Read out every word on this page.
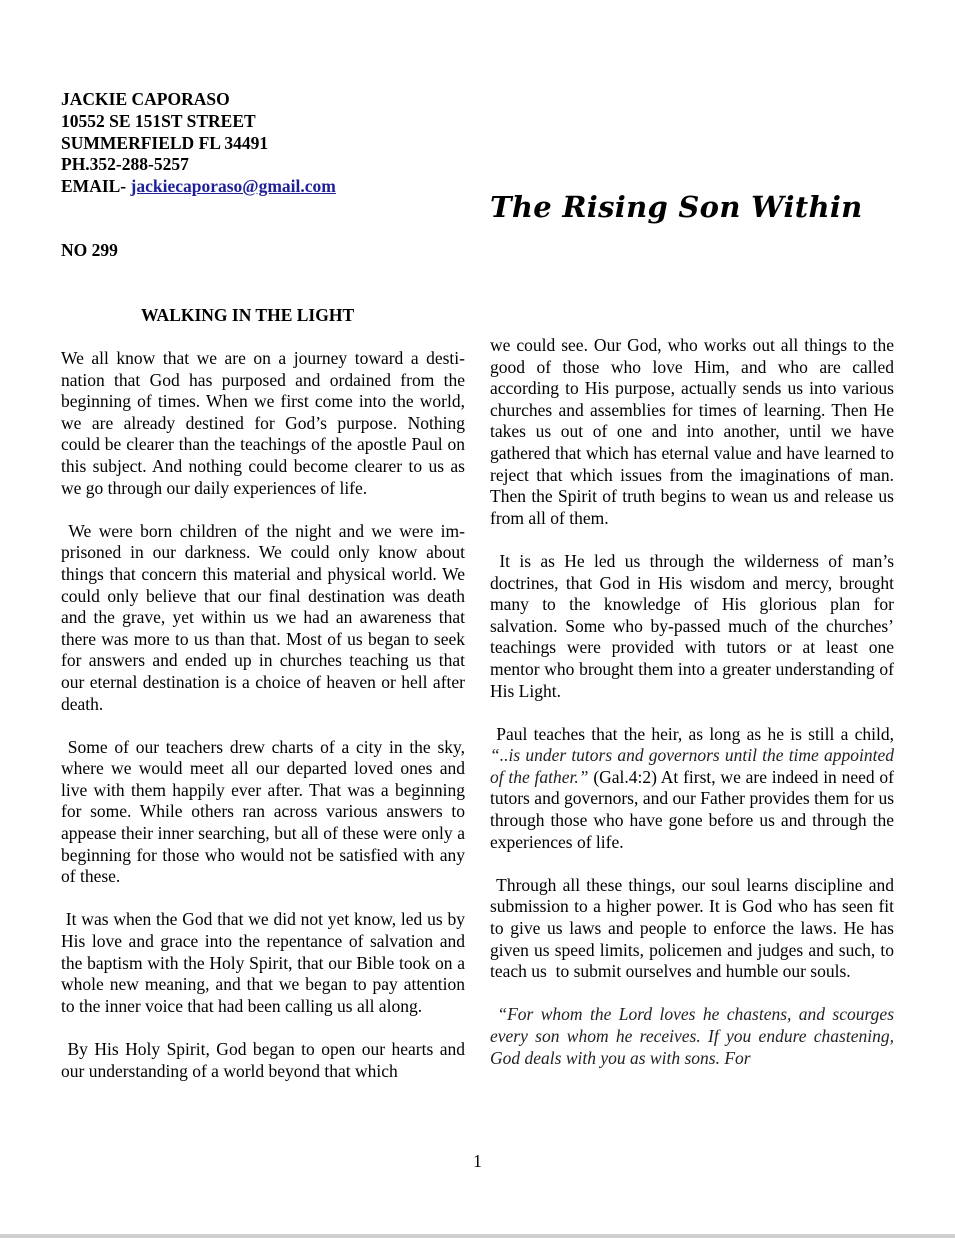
JACKIE CAPORASO
10552 SE 151ST STREET
SUMMERFIELD FL 34491
PH.352-288-5257
EMAIL- jackiecaporaso@gmail.com
NO 299
The Rising Son Within
WALKING IN THE LIGHT

We all know that we are on a journey toward a destination that God has purposed and ordained from the beginning of times. When we first come into the world, we are already destined for God’s purpose. Nothing could be clearer than the teachings of the apostle Paul on this subject. And nothing could become clearer to us as we go through our daily experiences of life.

We were born children of the night and we were imprisoned in our darkness. We could only know about things that concern this material and physical world. We could only believe that our final destination was death and the grave, yet within us we had an awareness that there was more to us than that. Most of us began to seek for answers and ended up in churches teaching us that our eternal destination is a choice of heaven or hell after death.

Some of our teachers drew charts of a city in the sky, where we would meet all our departed loved ones and live with them happily ever after. That was a beginning for some. While others ran across various answers to appease their inner searching, but all of these were only a beginning for those who would not be satisfied with any of these.

It was when the God that we did not yet know, led us by His love and grace into the repentance of salvation and the baptism with the Holy Spirit, that our Bible took on a whole new meaning, and that we began to pay attention to the inner voice that had been calling us all along.

By His Holy Spirit, God began to open our hearts and our understanding of a world beyond that which

we could see. Our God, who works out all things to the good of those who love Him, and who are called according to His purpose, actually sends us into various churches and assemblies for times of learning. Then He takes us out of one and into another, until we have gathered that which has eternal value and have learned to reject that which issues from the imaginations of man. Then the Spirit of truth begins to wean us and release us from all of them.

It is as He led us through the wilderness of man’s doctrines, that God in His wisdom and mercy, brought many to the knowledge of His glorious plan for salvation. Some who by-passed much of the churches’ teachings were provided with tutors or at least one mentor who brought them into a greater understanding of His Light.

Paul teaches that the heir, as long as he is still a child, “..is under tutors and governors until the time appointed of the father.” (Gal.4:2) At first, we are indeed in need of tutors and governors, and our Father provides them for us through those who have gone before us and through the experiences of life.

Through all these things, our soul learns discipline and submission to a higher power. It is God who has seen fit to give us laws and people to enforce the laws. He has given us speed limits, policemen and judges and such, to teach us  to submit ourselves and humble our souls.

“For whom the Lord loves he chastens, and scourges every son whom he receives. If you endure chastening, God deals with you as with sons. For

1
